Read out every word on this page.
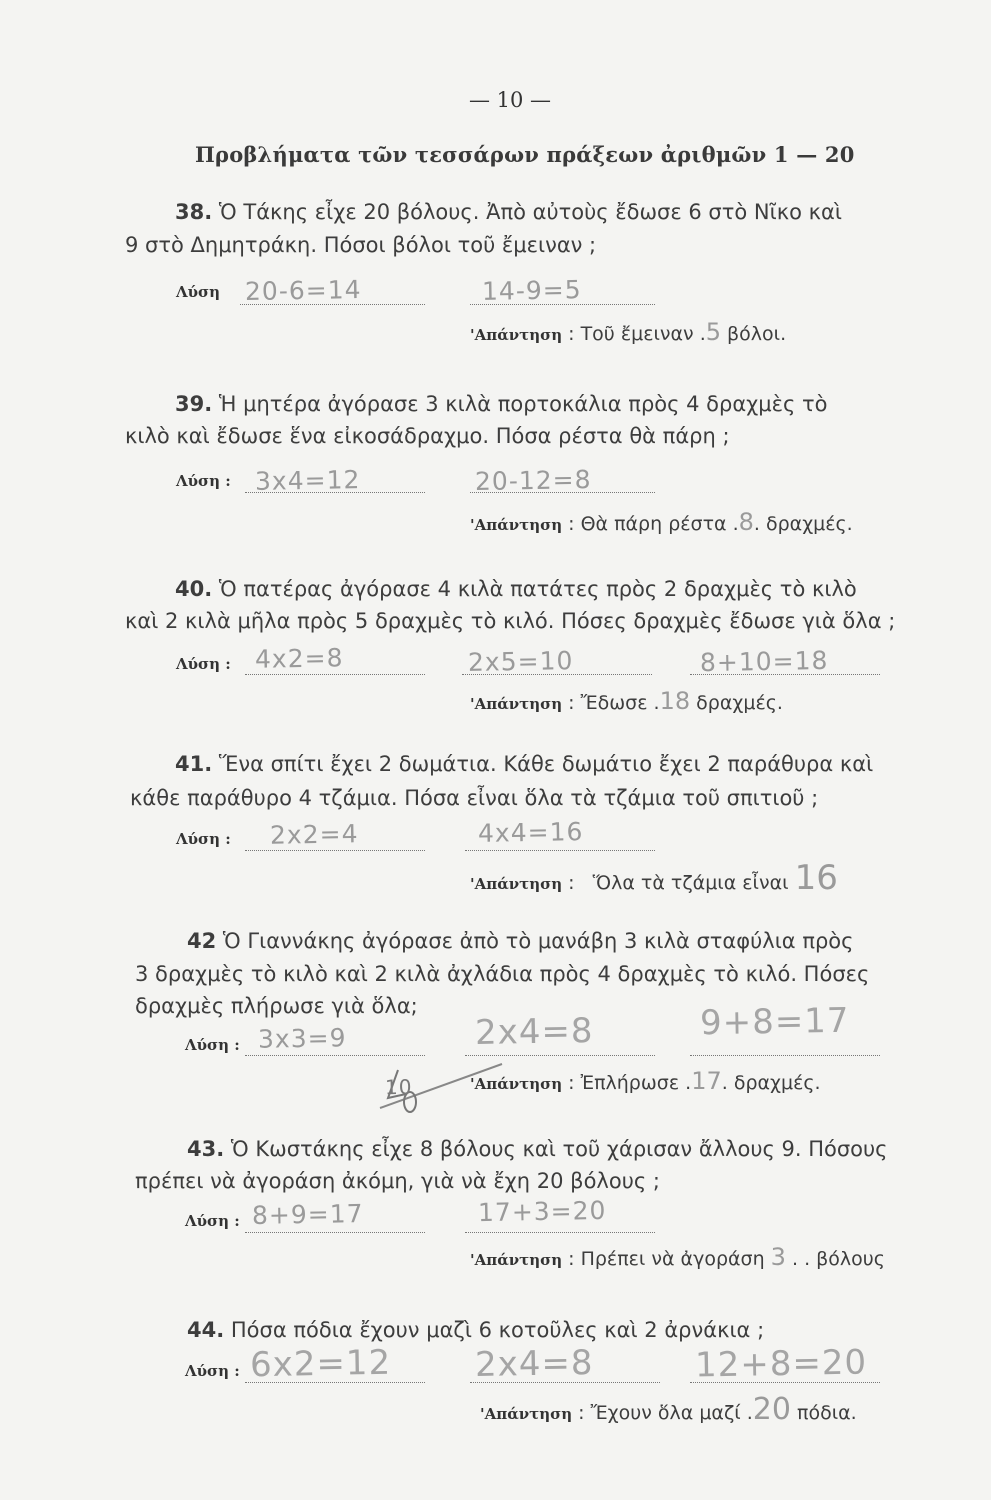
— 10 —
Προβλήματα τῶν τεσσάρων πράξεων ἀριθμῶν 1 — 20
38. Ὁ Τάκης εἶχε 20 βόλους. Ἀπὸ αὐτοὺς ἔδωσε 6 στὸ Νῖκο καὶ
9 στὸ Δημητράκη. Πόσοι βόλοι τοῦ ἔμειναν ;
Λύση 20-6=14	14-9=5
'Απάντηση : Τοῦ ἔμειναν .5 βόλοι.
39. Ἡ μητέρα ἀγόρασε 3 κιλὰ πορτοκάλια πρὸς 4 δραχμὲς τὸ
κιλὸ καὶ ἔδωσε ἕνα εἰκοσάδραχμο. Πόσα ρέστα θὰ πάρη ;
Λύση : 3x4=12	20-12=8
'Απάντηση : Θὰ πάρη ρέστα .8. δραχμές.
40. Ὁ πατέρας ἀγόρασε 4 κιλὰ πατάτες πρὸς 2 δραχμὲς τὸ κιλὸ
καὶ 2 κιλὰ μῆλα πρὸς 5 δραχμὲς τὸ κιλό. Πόσες δραχμὲς ἔδωσε γιὰ ὅλα ;
Λύση : 4x2=8	2x5=10	8+10=18
'Απάντηση : Ἔδωσε .18 δραχμές.
41. Ἕνα σπίτι ἔχει 2 δωμάτια. Κάθε δωμάτιο ἔχει 2 παράθυρα καὶ
κάθε παράθυρο 4 τζάμια. Πόσα εἶναι ὅλα τὰ τζάμια τοῦ σπιτιοῦ ;
Λύση : 2x2=4	4x4=16
'Απάντηση :   Ὅλα τὰ τζάμια εἶναι 16
42 Ὁ Γιαννάκης ἀγόρασε ἀπὸ τὸ μανάβη 3 κιλὰ σταφύλια πρὸς
3 δραχμὲς τὸ κιλὸ καὶ 2 κιλὰ ἀχλάδια πρὸς 4 δραχμὲς τὸ κιλό. Πόσες
δραχμὲς πλήρωσε γιὰ ὅλα;
Λύση : 3x3=9	2x4=8	9+8=17
'Απάντηση : Ἐπλήρωσε .17. δραχμές.
10
43. Ὁ Κωστάκης εἶχε 8 βόλους καὶ τοῦ χάρισαν ἄλλους 9. Πόσους
πρέπει νὰ ἀγοράση ἀκόμη, γιὰ νὰ ἔχη 20 βόλους ;
Λύση : 8+9=17	17+3=20
'Απάντηση : Πρέπει νὰ ἀγοράση 3 . . βόλους
44. Πόσα πόδια ἔχουν μαζὶ 6 κοτοῦλες καὶ 2 ἀρνάκια ;
Λύση : 6x2=12 2x4=8	12+8=20
'Απάντηση : Ἔχουν ὅλα μαζί .20 πόδια.
